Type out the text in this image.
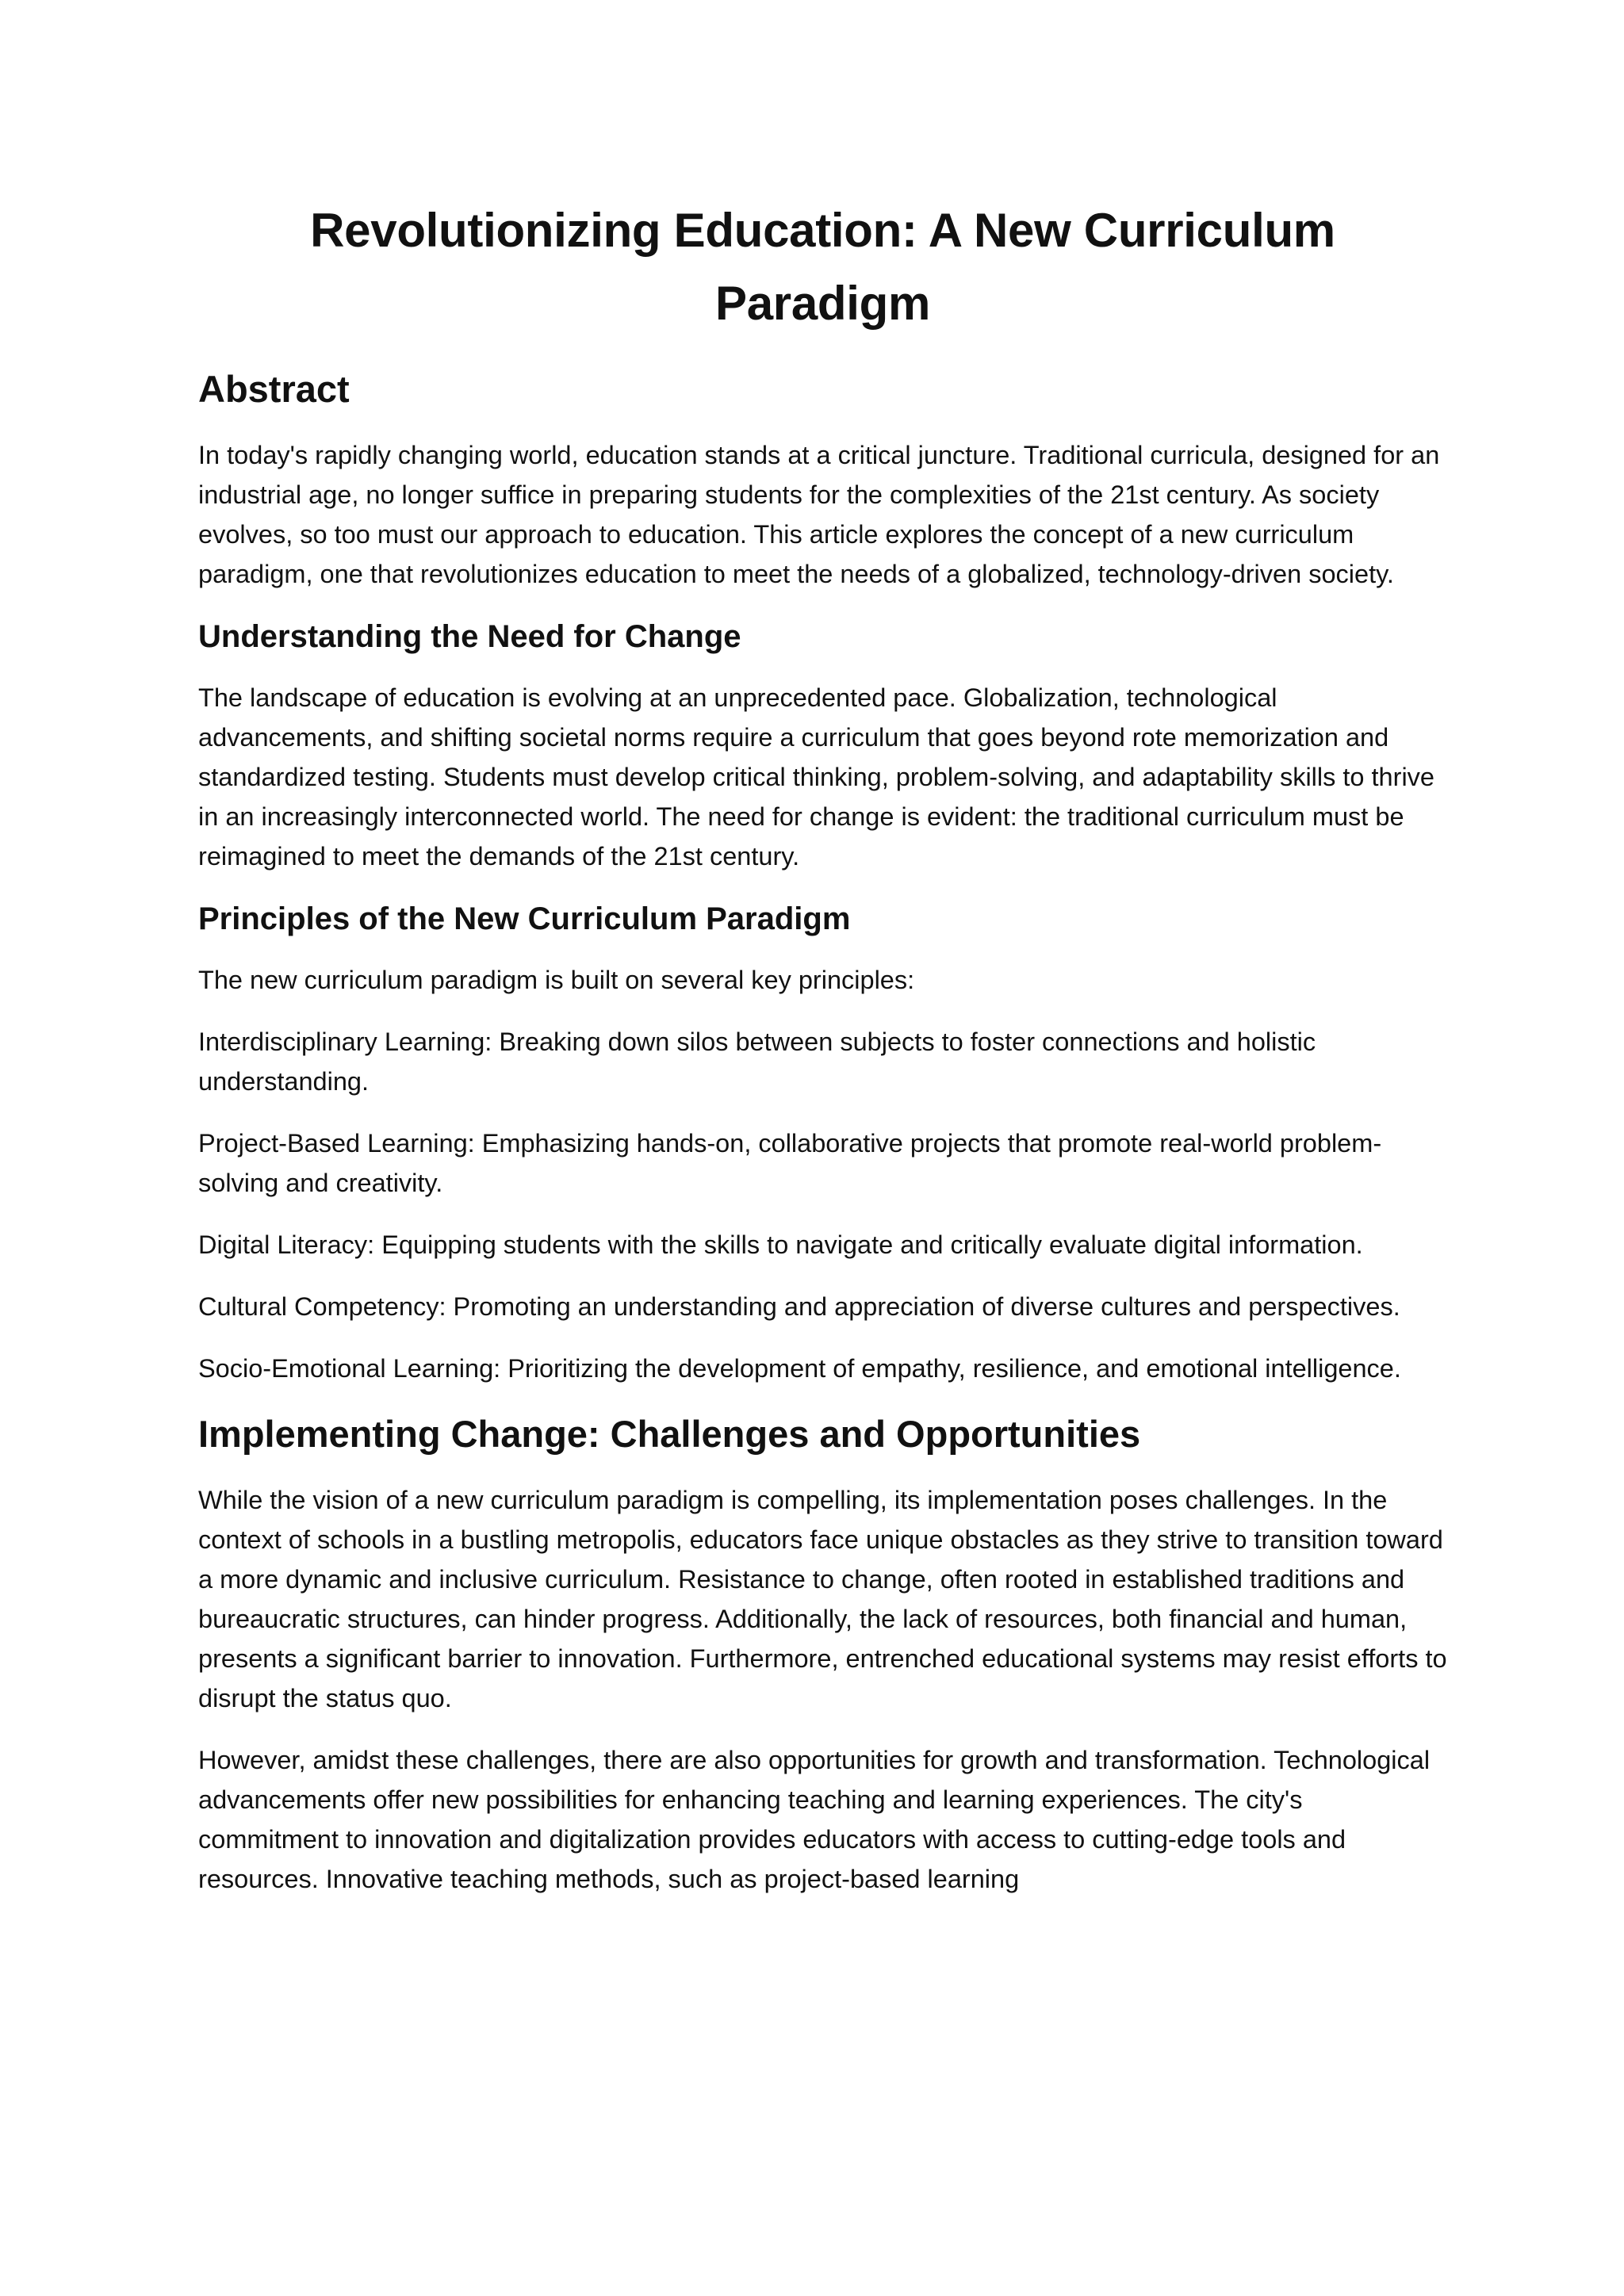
Revolutionizing Education: A New Curriculum Paradigm
Abstract

In today's rapidly changing world, education stands at a critical juncture. Traditional curricula, designed for an industrial age, no longer suffice in preparing students for the complexities of the 21st century. As society evolves, so too must our approach to education. This article explores the concept of a new curriculum paradigm, one that revolutionizes education to meet the needs of a globalized, technology-driven society.

Understanding the Need for Change

The landscape of education is evolving at an unprecedented pace. Globalization, technological advancements, and shifting societal norms require a curriculum that goes beyond rote memorization and standardized testing. Students must develop critical thinking, problem-solving, and adaptability skills to thrive in an increasingly interconnected world. The need for change is evident: the traditional curriculum must be reimagined to meet the demands of the 21st century.

Principles of the New Curriculum Paradigm

The new curriculum paradigm is built on several key principles:

Interdisciplinary Learning: Breaking down silos between subjects to foster connections and holistic understanding.

Project-Based Learning: Emphasizing hands-on, collaborative projects that promote real-world problem-solving and creativity.

Digital Literacy: Equipping students with the skills to navigate and critically evaluate digital information.

Cultural Competency: Promoting an understanding and appreciation of diverse cultures and perspectives.

Socio-Emotional Learning: Prioritizing the development of empathy, resilience, and emotional intelligence.

Implementing Change: Challenges and Opportunities

While the vision of a new curriculum paradigm is compelling, its implementation poses challenges. In the context of schools in a bustling metropolis, educators face unique obstacles as they strive to transition toward a more dynamic and inclusive curriculum. Resistance to change, often rooted in established traditions and bureaucratic structures, can hinder progress. Additionally, the lack of resources, both financial and human, presents a significant barrier to innovation. Furthermore, entrenched educational systems may resist efforts to disrupt the status quo.

However, amidst these challenges, there are also opportunities for growth and transformation. Technological advancements offer new possibilities for enhancing teaching and learning experiences. The city's commitment to innovation and digitalization provides educators with access to cutting-edge tools and resources. Innovative teaching methods, such as project-based learning
